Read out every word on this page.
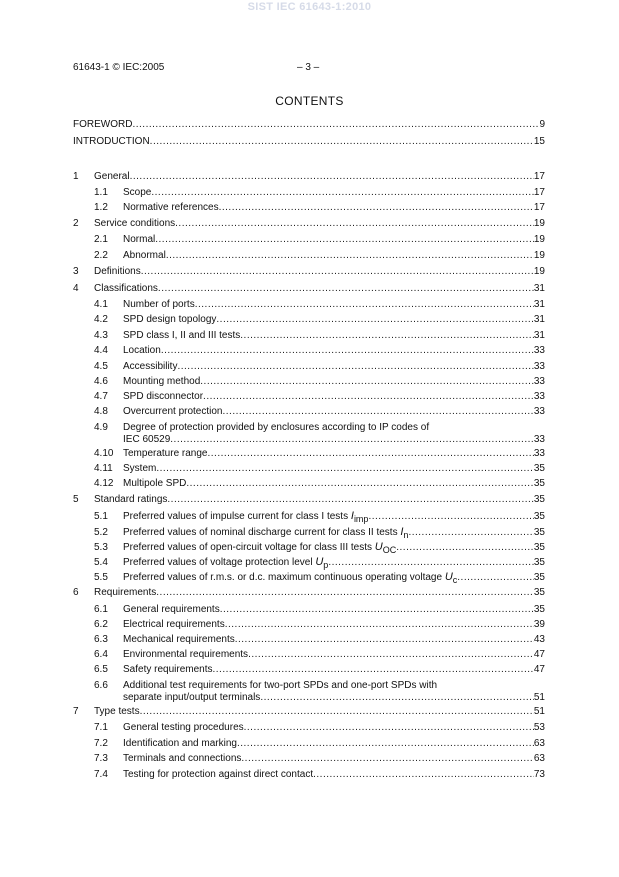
SIST IEC 61643-1:2010
61643-1 © IEC:2005	– 3 –
CONTENTS
FOREWORD .....	9
INTRODUCTION .....	15
1 General .....	17
1.1 Scope .....	17
1.2 Normative references .....	17
2 Service conditions .....	19
2.1 Normal .....	19
2.2 Abnormal .....	19
3 Definitions .....	19
4 Classifications .....	31
4.1 Number of ports .....	31
4.2 SPD design topology .....	31
4.3 SPD class I, II and III tests .....	31
4.4 Location .....	33
4.5 Accessibility .....	33
4.6 Mounting method .....	33
4.7 SPD disconnector .....	33
4.8 Overcurrent protection .....	33
4.9 Degree of protection provided by enclosures according to IP codes of
IEC 60529 .....	33
4.10 Temperature range .....	33
4.11 System .....	35
4.12 Multipole SPD .....	35
5 Standard ratings .....	35
5.1 Preferred values of impulse current for class I tests $I_{imp}$ .....	35
5.2 Preferred values of nominal discharge current for class II tests $I_n$ .....	35
5.3 Preferred values of open-circuit voltage for class III tests $U_{OC}$ .....	35
5.4 Preferred values of voltage protection level $U_p$ .....	35
5.5 Preferred values of r.m.s. or d.c. maximum continuous operating voltage $U_c$ .....	35
6 Requirements .....	35
6.1 General requirements .....	35
6.2 Electrical requirements .....	39
6.3 Mechanical requirements .....	43
6.4 Environmental requirements .....	47
6.5 Safety requirements .....	47
6.6 Additional test requirements for two-port SPDs and one-port SPDs with
separate input/output terminals .....	51
7 Type tests .....	51
7.1 General testing procedures .....	53
7.2 Identification and marking .....	63
7.3 Terminals and connections .....	63
7.4 Testing for protection against direct contact .....	73
